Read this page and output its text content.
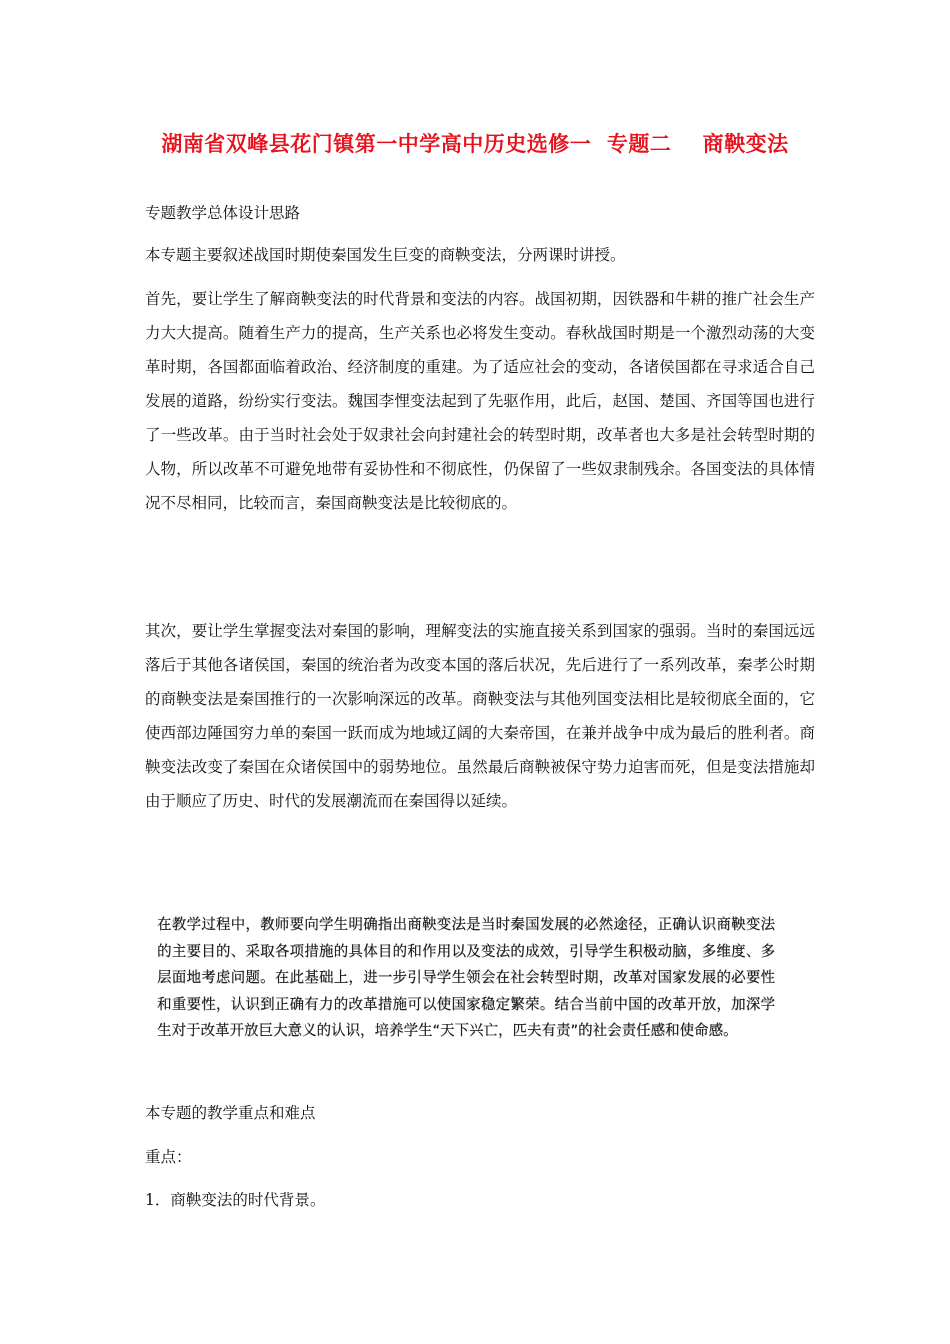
湖南省双峰县花门镇第一中学高中历史选修一  专题二    商鞅变法

专题教学总体设计思路

本专题主要叙述战国时期使秦国发生巨变的商鞅变法，分两课时讲授。

首先，要让学生了解商鞅变法的时代背景和变法的内容。战国初期，因铁器和牛耕的推广社会生产力大大提高。随着生产力的提高，生产关系也必将发生变动。春秋战国时期是一个激烈动荡的大变革时期，各国都面临着政治、经济制度的重建。为了适应社会的变动，各诸侯国都在寻求适合自己发展的道路，纷纷实行变法。魏国李悝变法起到了先驱作用，此后，赵国、楚国、齐国等国也进行了一些改革。由于当时社会处于奴隶社会向封建社会的转型时期，改革者也大多是社会转型时期的人物，所以改革不可避免地带有妥协性和不彻底性，仍保留了一些奴隶制残余。各国变法的具体情况不尽相同，比较而言，秦国商鞅变法是比较彻底的。

其次，要让学生掌握变法对秦国的影响，理解变法的实施直接关系到国家的强弱。当时的秦国远远落后于其他各诸侯国，秦国的统治者为改变本国的落后状况，先后进行了一系列改革，秦孝公时期的商鞅变法是秦国推行的一次影响深远的改革。商鞅变法与其他列国变法相比是较彻底全面的，它使西部边陲国穷力单的秦国一跃而成为地域辽阔的大秦帝国，在兼并战争中成为最后的胜利者。商鞅变法改变了秦国在众诸侯国中的弱势地位。虽然最后商鞅被保守势力迫害而死，但是变法措施却由于顺应了历史、时代的发展潮流而在秦国得以延续。

在教学过程中，教师要向学生明确指出商鞅变法是当时秦国发展的必然途径，正确认识商鞅变法的主要目的、采取各项措施的具体目的和作用以及变法的成效，引导学生积极动脑，多维度、多层面地考虑问题。在此基础上，进一步引导学生领会在社会转型时期，改革对国家发展的必要性和重要性，认识到正确有力的改革措施可以使国家稳定繁荣。结合当前中国的改革开放，加深学生对于改革开放巨大意义的认识，培养学生“天下兴亡，匹夫有责”的社会责任感和使命感。

本专题的教学重点和难点

重点：

1．商鞅变法的时代背景。
